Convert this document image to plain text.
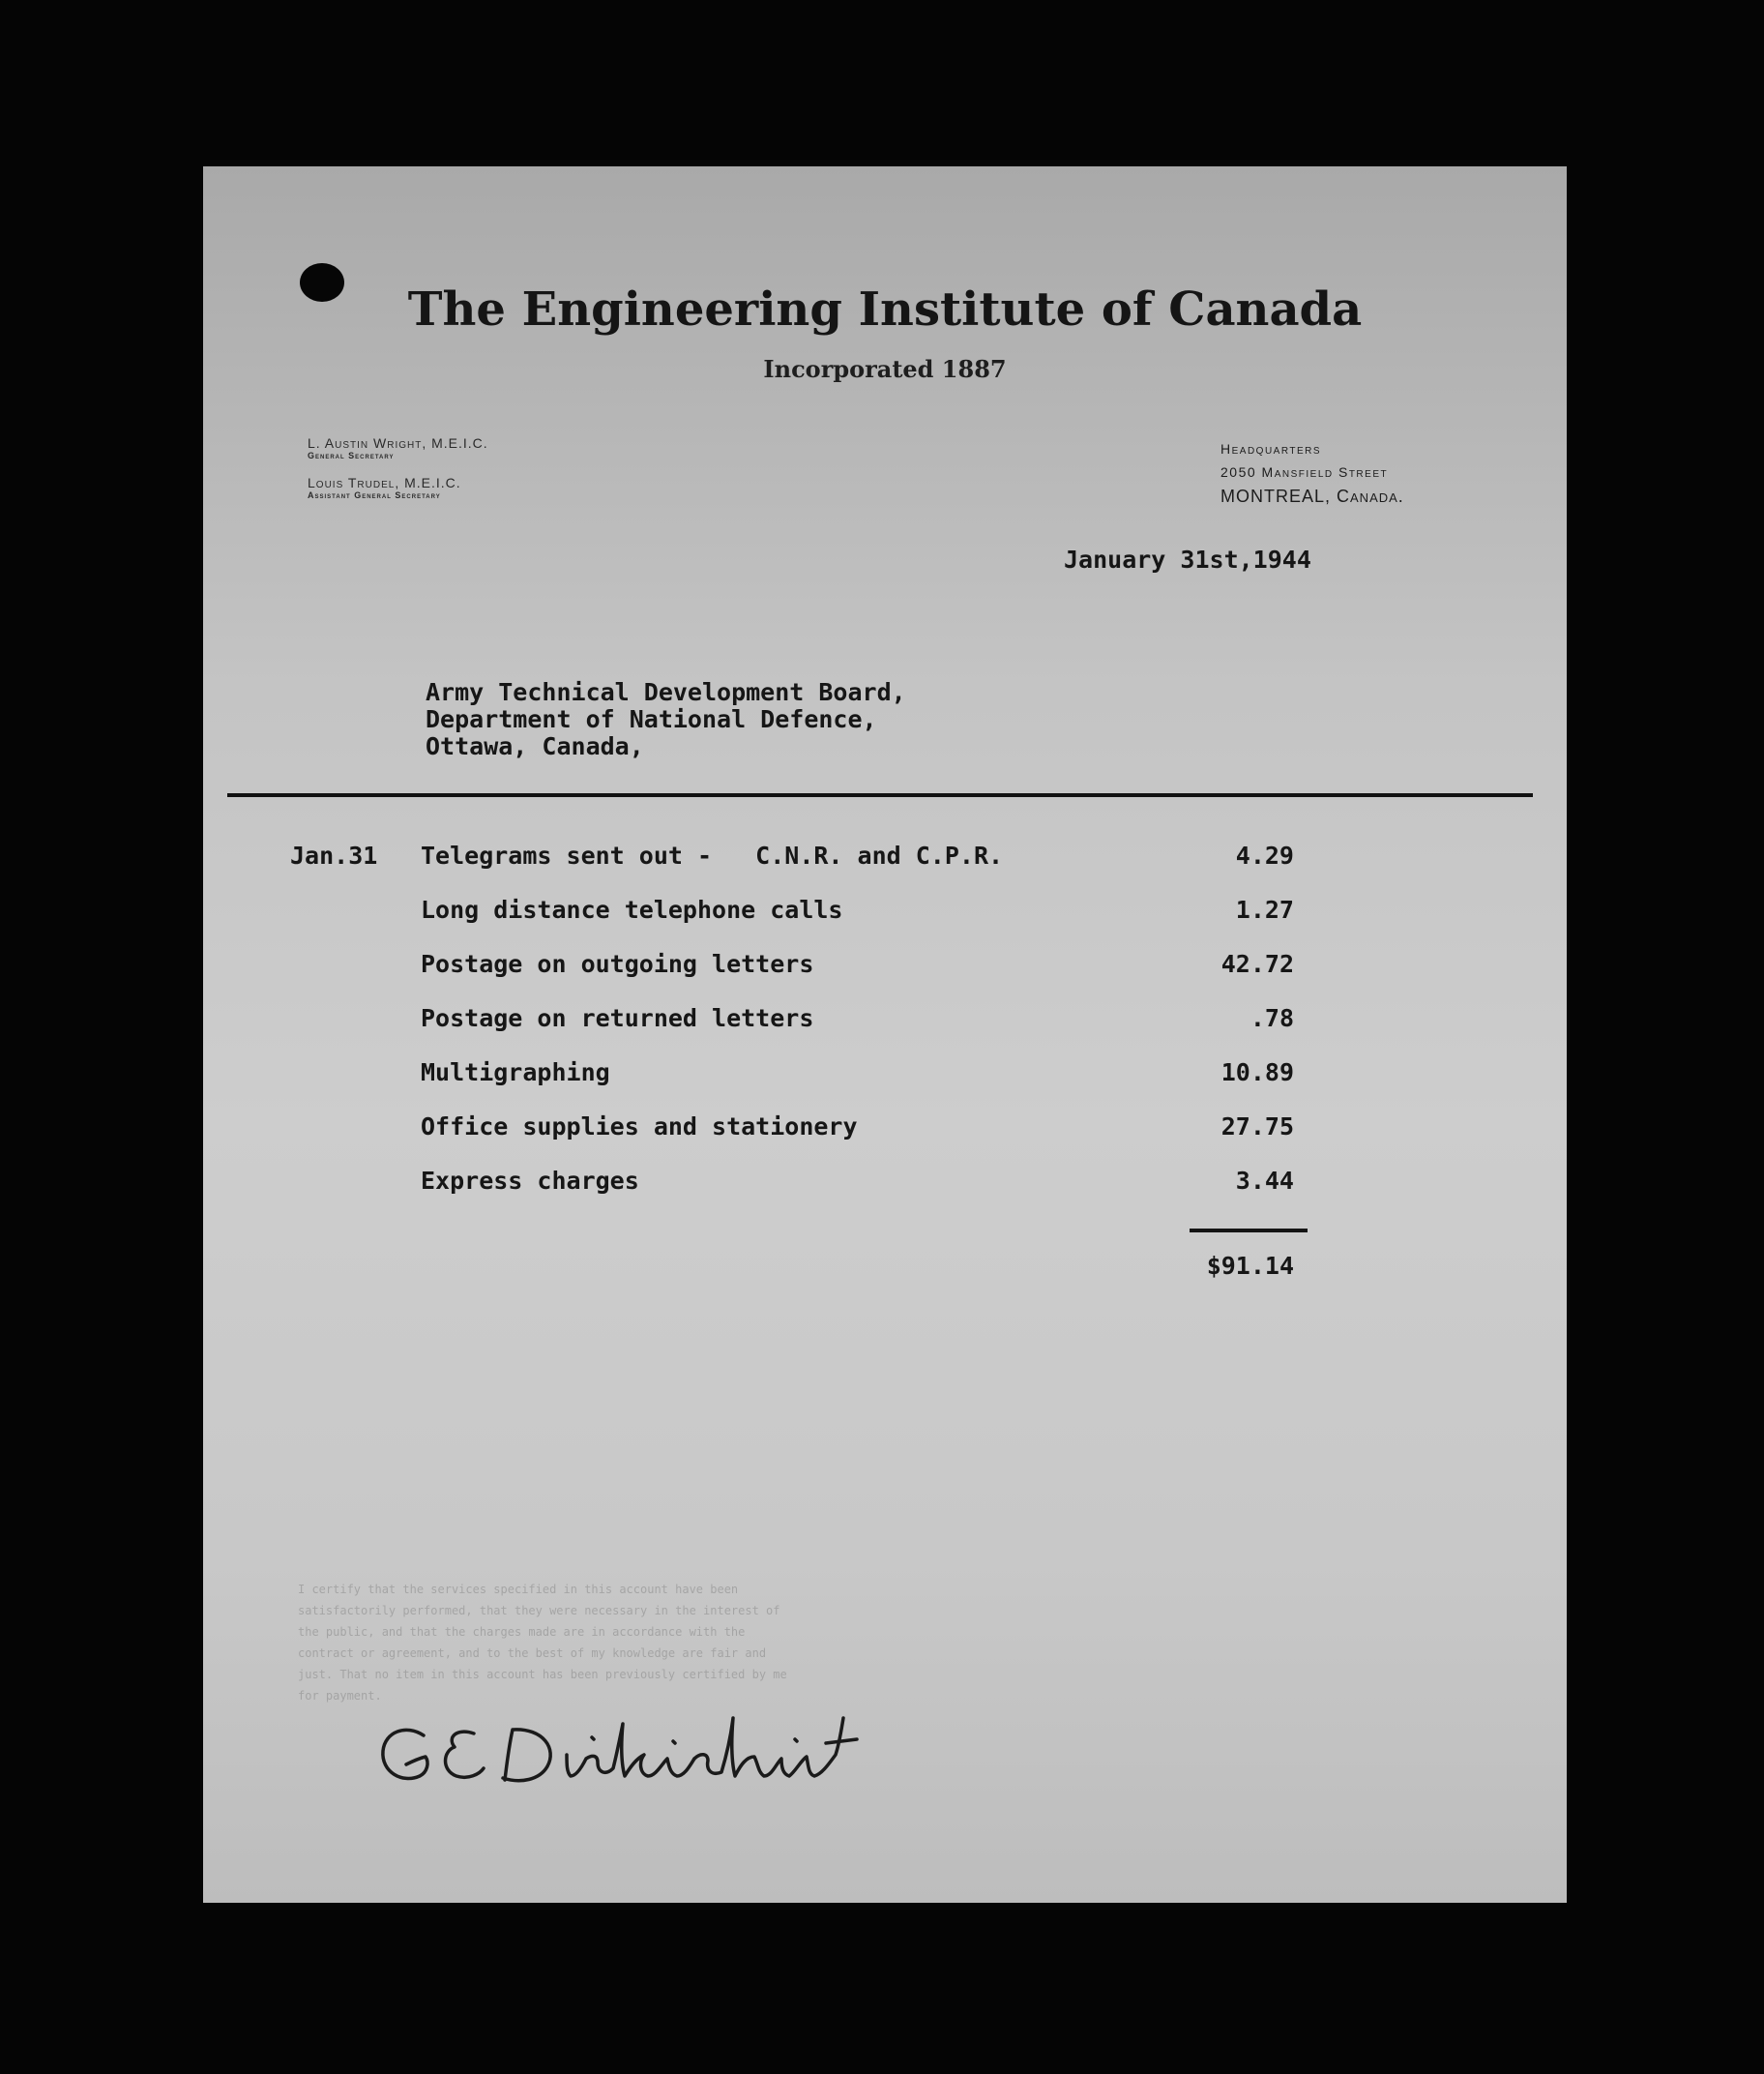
The Engineering Institute of Canada
Incorporated 1887
L. Austin Wright, M.E.I.C.
General Secretary
Louis Trudel, M.E.I.C.
Assistant General Secretary
Headquarters
2050 Mansfield Street
MONTREAL, Canada.
January 31st,1944
Army Technical Development Board,
Department of National Defence,
Ottawa, Canada,
Jan.31 Telegrams sent out -   C.N.R. and C.P.R.	4.29
Long distance telephone calls	1.27
Postage on outgoing letters	42.72
Postage on returned letters	.78
Multigraphing	10.89
Office supplies and stationery	27.75
Express charges	3.44
$91.14
I certify that the services specified in this account have been satisfactorily performed, that they were necessary in the interest of the public, and that the charges made are in accordance with the contract or agreement, and to the best of my knowledge are fair and just. That no item in this account has been previously certified by me for payment.
